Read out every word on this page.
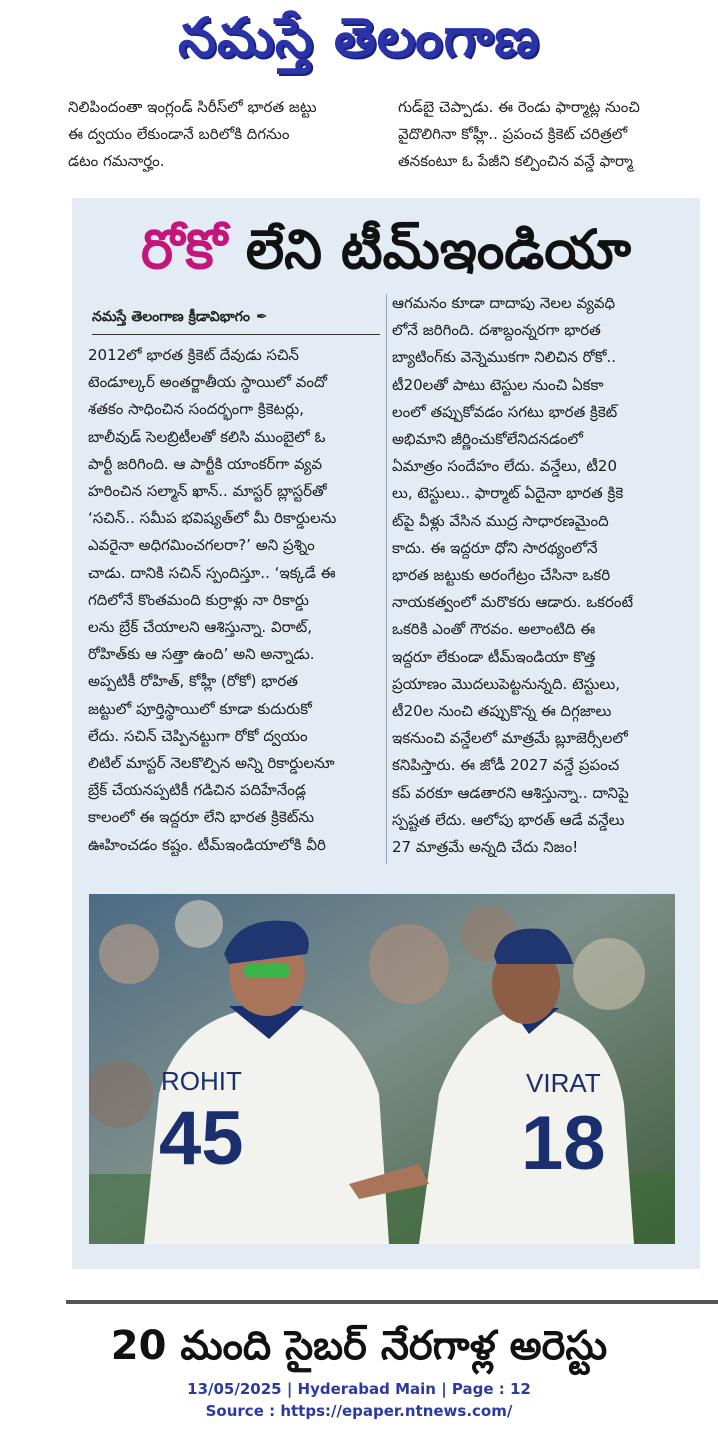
నమస్తే తెలంగాణ
నిలిపిందంతా ఇంగ్లండ్ సిరీస్‌లో భారత జట్టు
ఈ ద్వయం లేకుండానే బరిలోకి దిగనుం
డటం గమనార్హం.
గుడ్‌బై చెప్పాడు. ఈ రెండు ఫార్మాట్ల నుంచి
వైదొలిగినా కోహ్లీ.. ప్రపంచ క్రికెట్ చరిత్రలో
తనకంటూ ఓ పేజీని కల్పించిన వన్డే ఫార్మా
రోకో లేని టీమ్‌ఇండియా
నమస్తే తెలంగాణ క్రీడావిభాగం ✒
2012లో భారత క్రికెట్ దేవుడు సచిన్
టెండూల్కర్ అంతర్జాతీయ స్థాయిలో వందో
శతకం సాధించిన సందర్భంగా క్రికెటర్లు,
బాలీవుడ్ సెలబ్రిటీలతో కలిసి ముంబైలో ఓ
పార్టీ జరిగింది. ఆ పార్టీకి యాంకర్‌గా వ్యవ
హరించిన సల్మాన్ ఖాన్.. మాస్టర్ బ్లాస్టర్‌తో
‘సచిన్.. సమీప భవిష్యత్‌లో మీ రికార్డులను
ఎవరైనా అధిగమించగలరా?’ అని ప్రశ్నిం
చాడు. దానికి సచిన్ స్పందిస్తూ.. ‘ఇక్కడే ఈ
గదిలోనే కొంతమంది కుర్రాళ్లు నా రికార్డు
లను బ్రేక్ చేయాలని ఆశిస్తున్నా. విరాట్,
రోహిత్‌కు ఆ సత్తా ఉంది’ అని అన్నాడు.
అప్పటికీ రోహిత్, కోహ్లీ (రోకో) భారత
జట్టులో పూర్తిస్థాయిలో కూడా కుదురుకో
లేదు. సచిన్ చెప్పినట్టుగా రోకో ద్వయం
లిటిల్ మాస్టర్ నెలకొల్పిన అన్ని రికార్డులనూ
బ్రేక్ చేయనప్పటికీ గడిచిన పదిహేనేండ్ల
కాలంలో ఈ ఇద్దరూ లేని భారత క్రికెట్‌ను
ఊహించడం కష్టం. టీమ్‌ఇండియాలోకి వీరి
ఆగమనం కూడా దాదాపు నెలల వ్యవధి
లోనే జరిగింది. దశాబ్దంన్నరగా భారత
బ్యాటింగ్‌కు వెన్నెముకగా నిలిచిన రోకో..
టీ20లతో పాటు టెస్టుల నుంచి ఏకకా
లంలో తప్పుకోవడం సగటు భారత క్రికెట్
అభిమాని జీర్ణించుకోలేనిదనడంలో
ఏమాత్రం సందేహం లేదు. వన్డేలు, టీ20
లు, టెస్టులు.. ఫార్మాట్ ఏదైనా భారత క్రికె
ట్‌పై వీళ్లు వేసిన ముద్ర సాధారణమైంది
కాదు. ఈ ఇద్దరూ ధోని సారథ్యంలోనే
భారత జట్టుకు అరంగేట్రం చేసినా ఒకరి
నాయకత్వంలో మరొకరు ఆడారు. ఒకరంటే
ఒకరికి ఎంతో గౌరవం. అలాంటిది ఈ
ఇద్దరూ లేకుండా టీమ్‌ఇండియా కొత్త
ప్రయాణం మొదలుపెట్టనున్నది. టెస్టులు,
టీ20ల నుంచి తప్పుకొన్న ఈ దిగ్గజాలు
ఇకనుంచి వన్డేలలో మాత్రమే బ్లూజెర్సీలలో
కనిపిస్తారు. ఈ జోడీ 2027 వన్డే ప్రపంచ
కప్ వరకూ ఆడతారని ఆశిస్తున్నా.. దానిపై
స్పష్టత లేదు. ఆలోపు భారత్ ఆడే వన్డేలు
27 మాత్రమే అన్నది చేదు నిజం!
ROHIT
45
VIRAT
18
20 మంది సైబర్ నేరగాళ్ల అరెస్టు
13/05/2025 | Hyderabad Main | Page : 12
Source : https://epaper.ntnews.com/
